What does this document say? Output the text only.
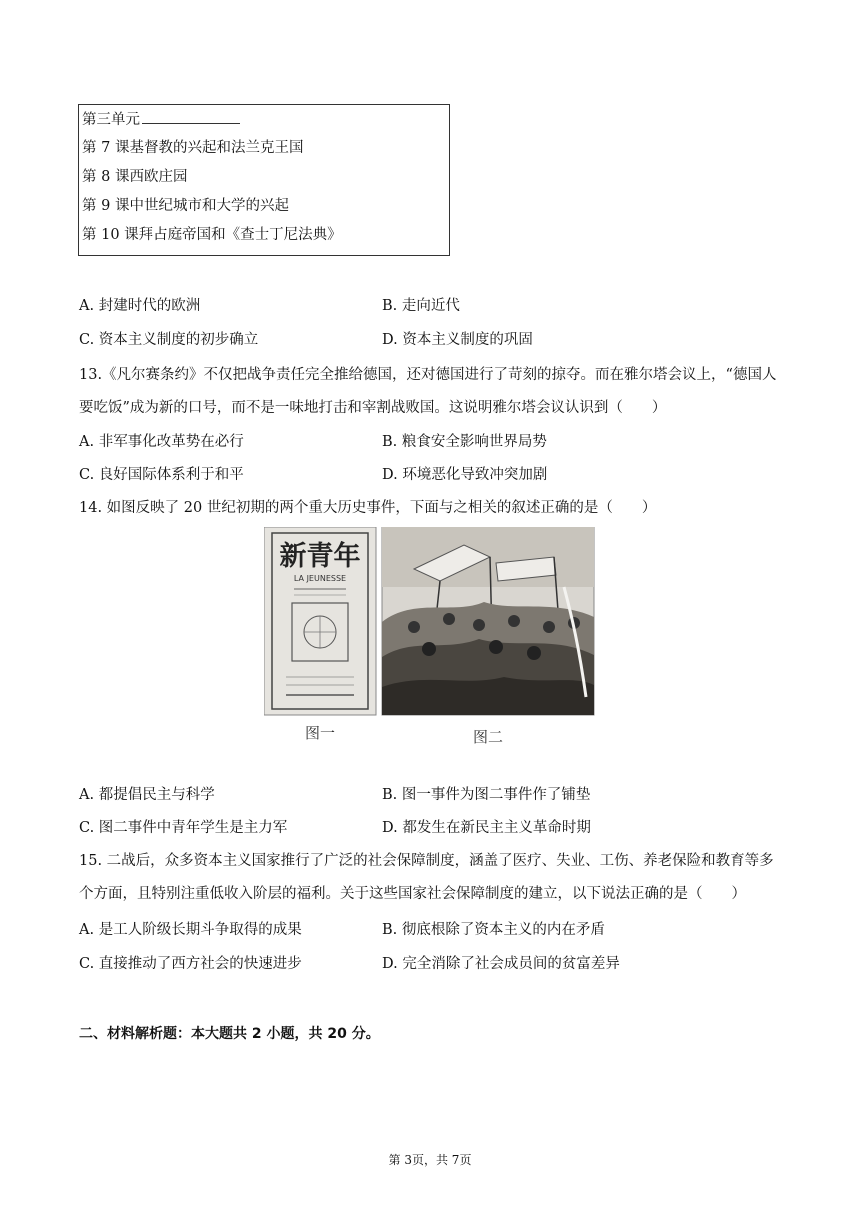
第三单元
第 7 课基督教的兴起和法兰克王国
第 8 课西欧庄园
第 9 课中世纪城市和大学的兴起
第 10 课拜占庭帝国和《查士丁尼法典》
A. 封建时代的欧洲	B. 走向近代
C. 资本主义制度的初步确立	D. 资本主义制度的巩固
13.《凡尔赛条约》不仅把战争责任完全推给德国，还对德国进行了苛刻的掠夺。而在雅尔塔会议上，“德国人要吃饭”成为新的口号，而不是一味地打击和宰割战败国。这说明雅尔塔会议认识到（　　）
A. 非军事化改革势在必行	B. 粮食安全影响世界局势
C. 良好国际体系利于和平	D. 环境恶化导致冲突加剧
14. 如图反映了 20 世纪初期的两个重大历史事件，下面与之相关的叙述正确的是（　　）
新青年
LA JEUNESSE
图一	图二
A. 都提倡民主与科学	B. 图一事件为图二事件作了铺垫
C. 图二事件中青年学生是主力军	D. 都发生在新民主主义革命时期
15. 二战后，众多资本主义国家推行了广泛的社会保障制度，涵盖了医疗、失业、工伤、养老保险和教育等多个方面，且特别注重低收入阶层的福利。关于这些国家社会保障制度的建立，以下说法正确的是（　　）
A. 是工人阶级长期斗争取得的成果	B. 彻底根除了资本主义的内在矛盾
C. 直接推动了西方社会的快速进步	D. 完全消除了社会成员间的贫富差异
二、材料解析题：本大题共 2 小题，共 20 分。
第 3页，共 7页
